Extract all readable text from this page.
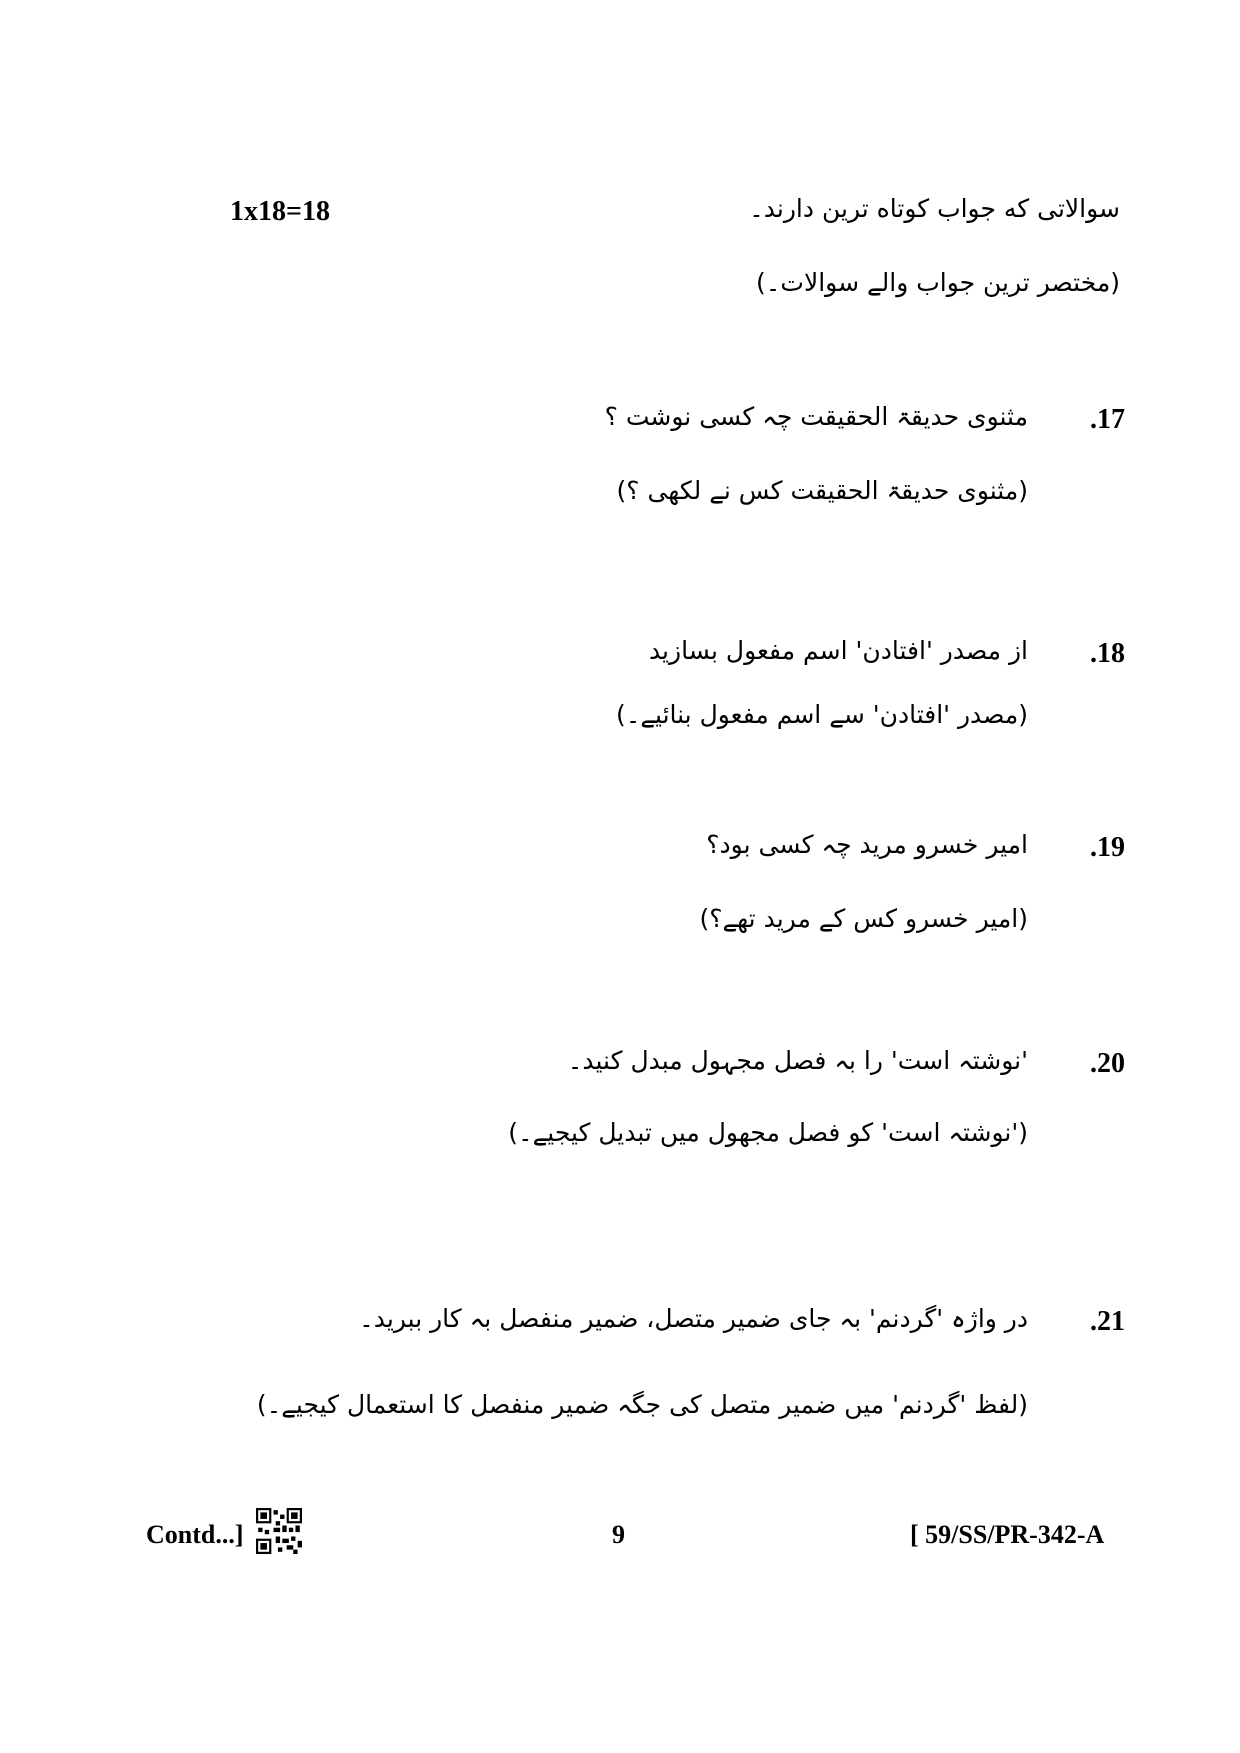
1x18=18	سوالاتی که جواب کوتاه ترین دارند۔
(مختصر ترین جواب والے سوالات۔)
.17
مثنوی حدیقۃ الحقیقت چہ کسی نوشت ؟
(مثنوی حدیقۃ الحقیقت کس نے لکھی ؟)
.18
از مصدر 'افتادن' اسم مفعول بسازید
(مصدر 'افتادن' سے اسم مفعول بنائیے۔)
.19
امیر خسرو مرید چہ کسی بود؟
(امیر خسرو کس کے مرید تھے؟)
.20
'نوشتہ است' را بہ فصل مجہول مبدل کنید۔
('نوشتہ است' کو فصل مجھول میں تبدیل کیجیے۔)
.21
در واژہ 'گردنم' بہ جای ضمیر متصل، ضمیر منفصل بہ کار ببرید۔
(لفظ 'گردنم' میں ضمیر متصل کی جگہ ضمیر منفصل کا استعمال کیجیے۔)
Contd...]	9	[ 59/SS/PR-342-A
